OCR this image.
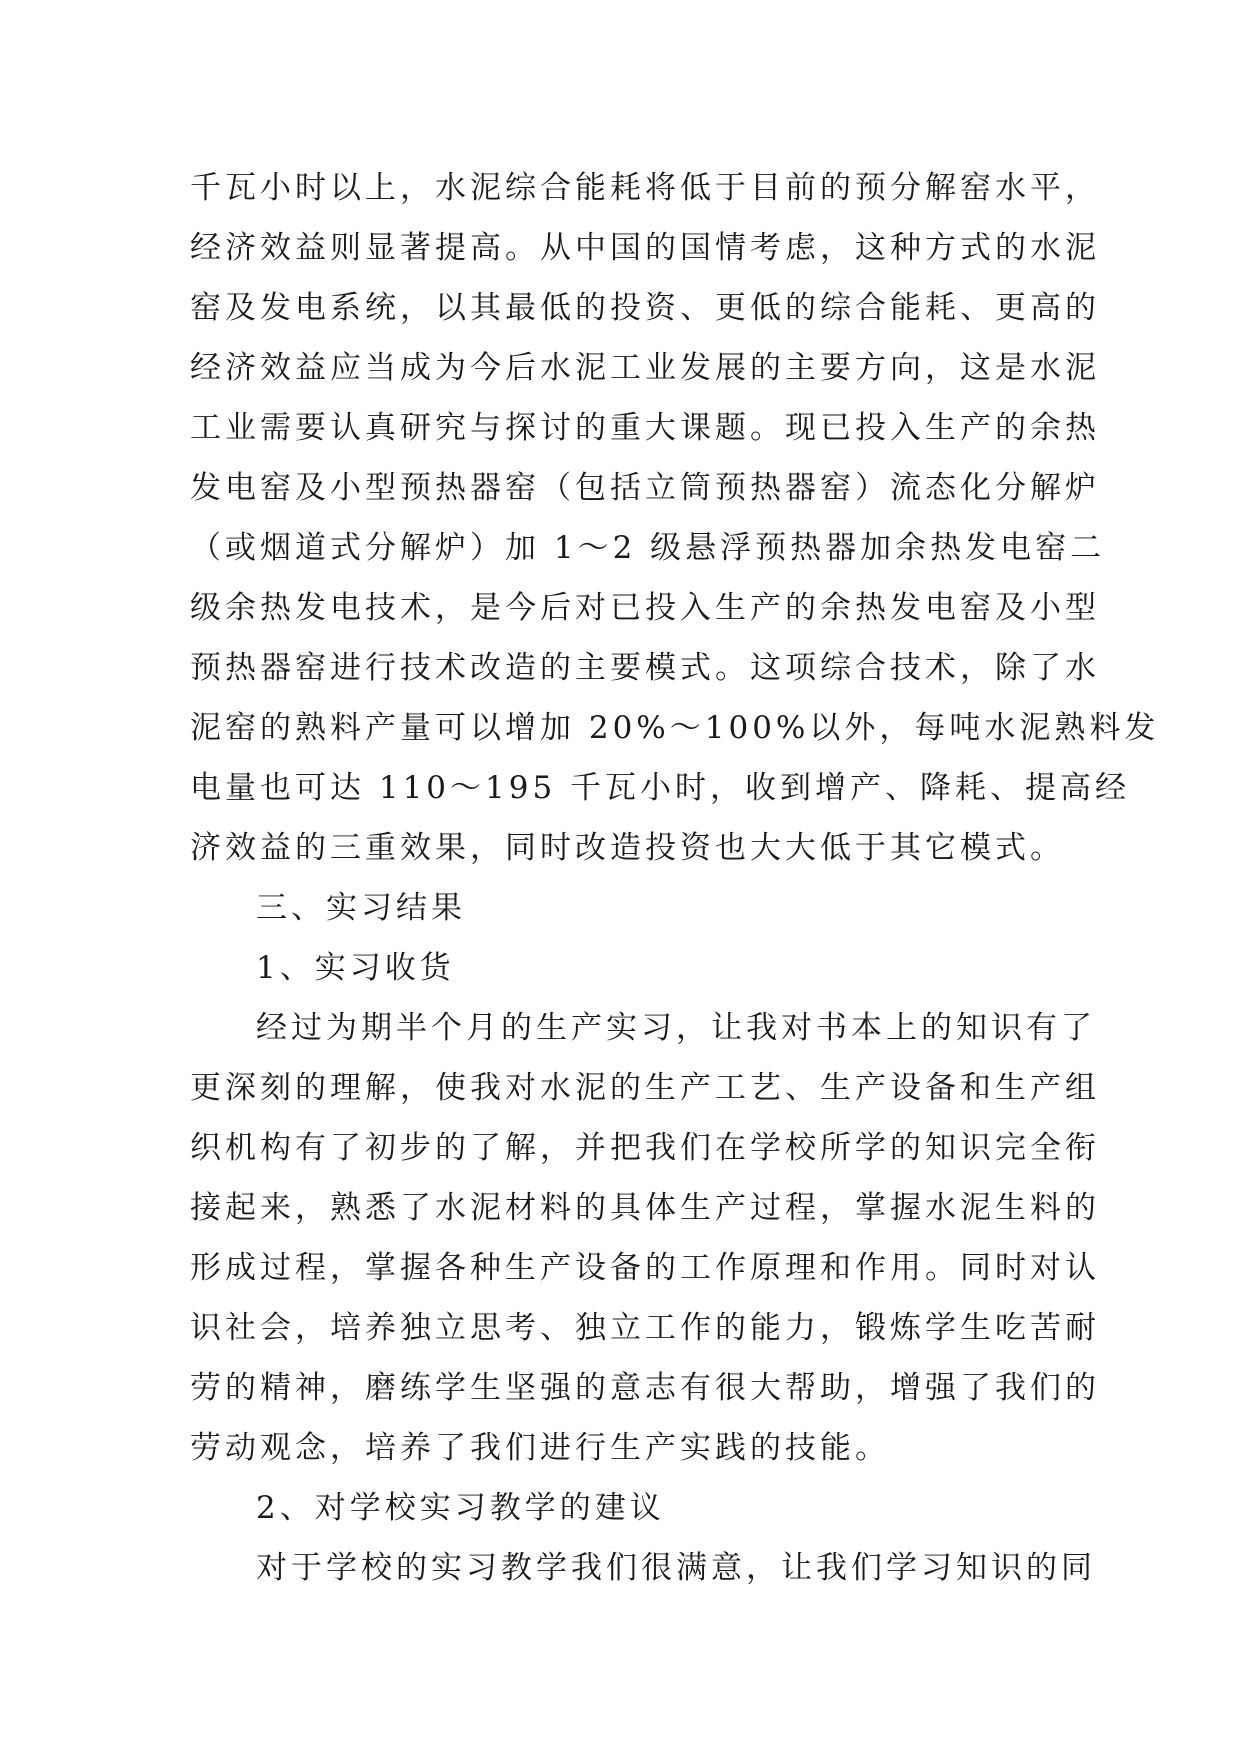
千瓦小时以上，水泥综合能耗将低于目前的预分解窑水平，
经济效益则显著提高。从中国的国情考虑，这种方式的水泥
窑及发电系统，以其最低的投资、更低的综合能耗、更高的
经济效益应当成为今后水泥工业发展的主要方向，这是水泥
工业需要认真研究与探讨的重大课题。现已投入生产的余热
发电窑及小型预热器窑（包括立筒预热器窑）流态化分解炉
（或烟道式分解炉）加 1～2 级悬浮预热器加余热发电窑二
级余热发电技术，是今后对已投入生产的余热发电窑及小型
预热器窑进行技术改造的主要模式。这项综合技术，除了水
泥窑的熟料产量可以增加 20%～100%以外，每吨水泥熟料发
电量也可达 110～195 千瓦小时，收到增产、降耗、提高经
济效益的三重效果，同时改造投资也大大低于其它模式。
三、实习结果
1、实习收货
经过为期半个月的生产实习，让我对书本上的知识有了
更深刻的理解，使我对水泥的生产工艺、生产设备和生产组
织机构有了初步的了解，并把我们在学校所学的知识完全衔
接起来，熟悉了水泥材料的具体生产过程，掌握水泥生料的
形成过程，掌握各种生产设备的工作原理和作用。同时对认
识社会，培养独立思考、独立工作的能力，锻炼学生吃苦耐
劳的精神，磨练学生坚强的意志有很大帮助，增强了我们的
劳动观念，培养了我们进行生产实践的技能。
2、对学校实习教学的建议
对于学校的实习教学我们很满意，让我们学习知识的同
